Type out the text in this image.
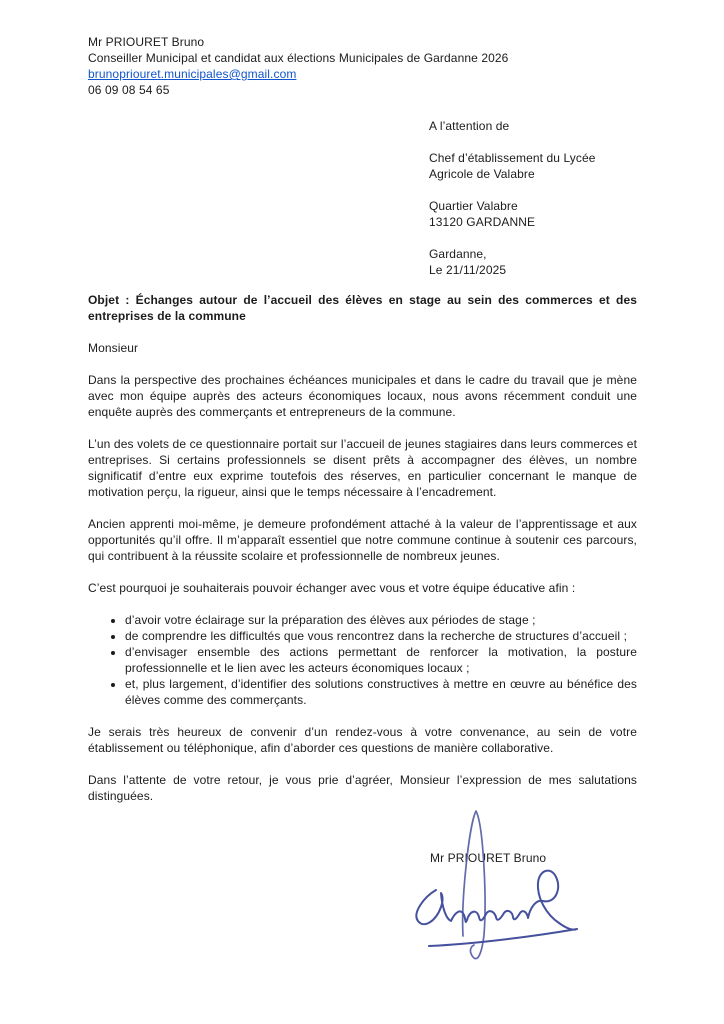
Mr PRIOURET Bruno
Conseiller Municipal et candidat aux élections Municipales de Gardanne 2026
brunopriouret.municipales@gmail.com
06 09 08 54 65
A l’attention de
Chef d’établissement du Lycée
Agricole de Valabre
Quartier Valabre
13120 GARDANNE
Gardanne,
Le 21/11/2025

Objet : Échanges autour de l’accueil des élèves en stage au sein des commerces et des entreprises de la commune

Monsieur

Dans la perspective des prochaines échéances municipales et dans le cadre du travail que je mène avec mon équipe auprès des acteurs économiques locaux, nous avons récemment conduit une enquête auprès des commerçants et entrepreneurs de la commune.

L’un des volets de ce questionnaire portait sur l’accueil de jeunes stagiaires dans leurs commerces et entreprises. Si certains professionnels se disent prêts à accompagner des élèves, un nombre significatif d’entre eux exprime toutefois des réserves, en particulier concernant le manque de motivation perçu, la rigueur, ainsi que le temps nécessaire à l’encadrement.

Ancien apprenti moi-même, je demeure profondément attaché à la valeur de l’apprentissage et aux opportunités qu’il offre. Il m’apparaît essentiel que notre commune continue à soutenir ces parcours, qui contribuent à la réussite scolaire et professionnelle de nombreux jeunes.

C’est pourquoi je souhaiterais pouvoir échanger avec vous et votre équipe éducative afin :

• d’avoir votre éclairage sur la préparation des élèves aux périodes de stage ;
• de comprendre les difficultés que vous rencontrez dans la recherche de structures d’accueil ;
• d’envisager ensemble des actions permettant de renforcer la motivation, la posture professionnelle et le lien avec les acteurs économiques locaux ;
• et, plus largement, d’identifier des solutions constructives à mettre en œuvre au bénéfice des élèves comme des commerçants.

Je serais très heureux de convenir d’un rendez-vous à votre convenance, au sein de votre établissement ou téléphonique, afin d’aborder ces questions de manière collaborative.

Dans l’attente de votre retour, je vous prie d’agréer, Monsieur l’expression de mes salutations distinguées.

Mr PRIOURET Bruno
